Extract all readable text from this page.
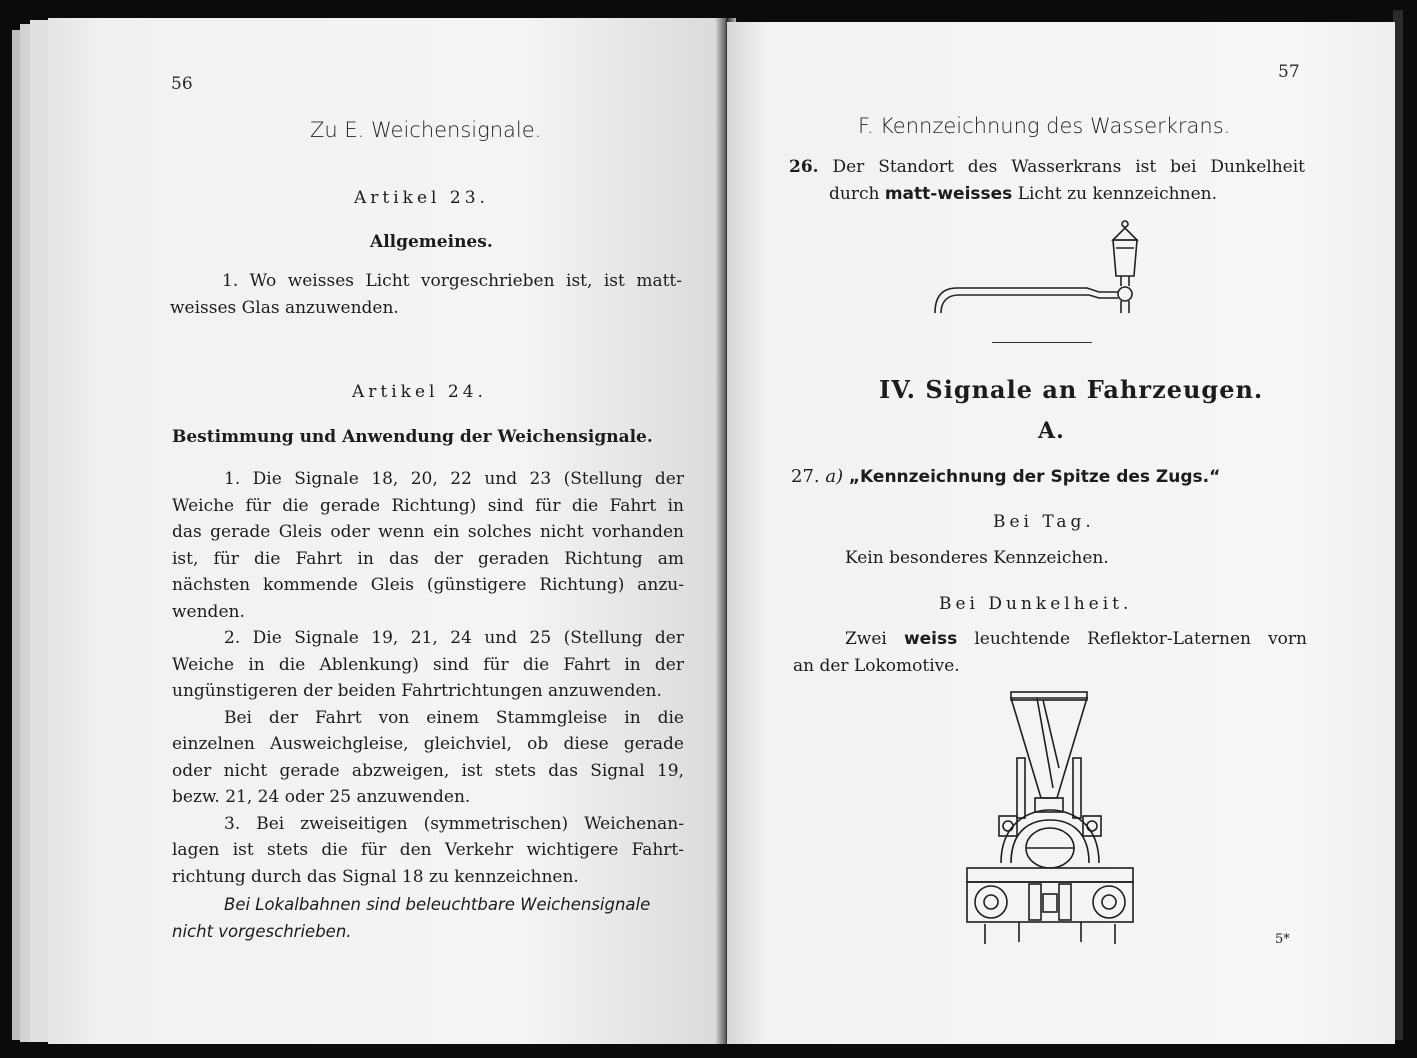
56
Zu E. Weichensignale.
Artikel 23.
Allgemeines.

1. Wo weisses Licht vorgeschrieben ist, ist matt-

weisses Glas anzuwenden.

Artikel 24.
Bestimmung und Anwendung der Weichensignale.

1. Die Signale 18, 20, 22 und 23 (Stellung der

Weiche für die gerade Richtung) sind für die Fahrt in

das gerade Gleis oder wenn ein solches nicht vorhanden

ist, für die Fahrt in das der geraden Richtung am

nächsten kommende Gleis (günstigere Richtung) anzu-

wenden.

2. Die Signale 19, 21, 24 und 25 (Stellung der

Weiche in die Ablenkung) sind für die Fahrt in der

ungünstigeren der beiden Fahrtrichtungen anzuwenden.

Bei der Fahrt von einem Stammgleise in die

einzelnen Ausweichgleise, gleichviel, ob diese gerade

oder nicht gerade abzweigen, ist stets das Signal 19,

bezw. 21, 24 oder 25 anzuwenden.

3. Bei zweiseitigen (symmetrischen) Weichenan-

lagen ist stets die für den Verkehr wichtigere Fahrt-

richtung durch das Signal 18 zu kennzeichnen.

Bei Lokalbahnen sind beleuchtbare Weichensignale

nicht vorgeschrieben.

57
F. Kennzeichnung des Wasserkrans.

26. Der Standort des Wasserkrans ist bei Dunkelheit

durch matt-weisses Licht zu kennzeichnen.

IV. Signale an Fahrzeugen.
A.
27. a) „Kennzeichnung der Spitze des Zugs.“
Bei Tag.
Kein besonderes Kennzeichen.
Bei Dunkelheit.

Zwei weiss leuchtende Reflektor-Laternen vorn

an der Lokomotive.

5*
